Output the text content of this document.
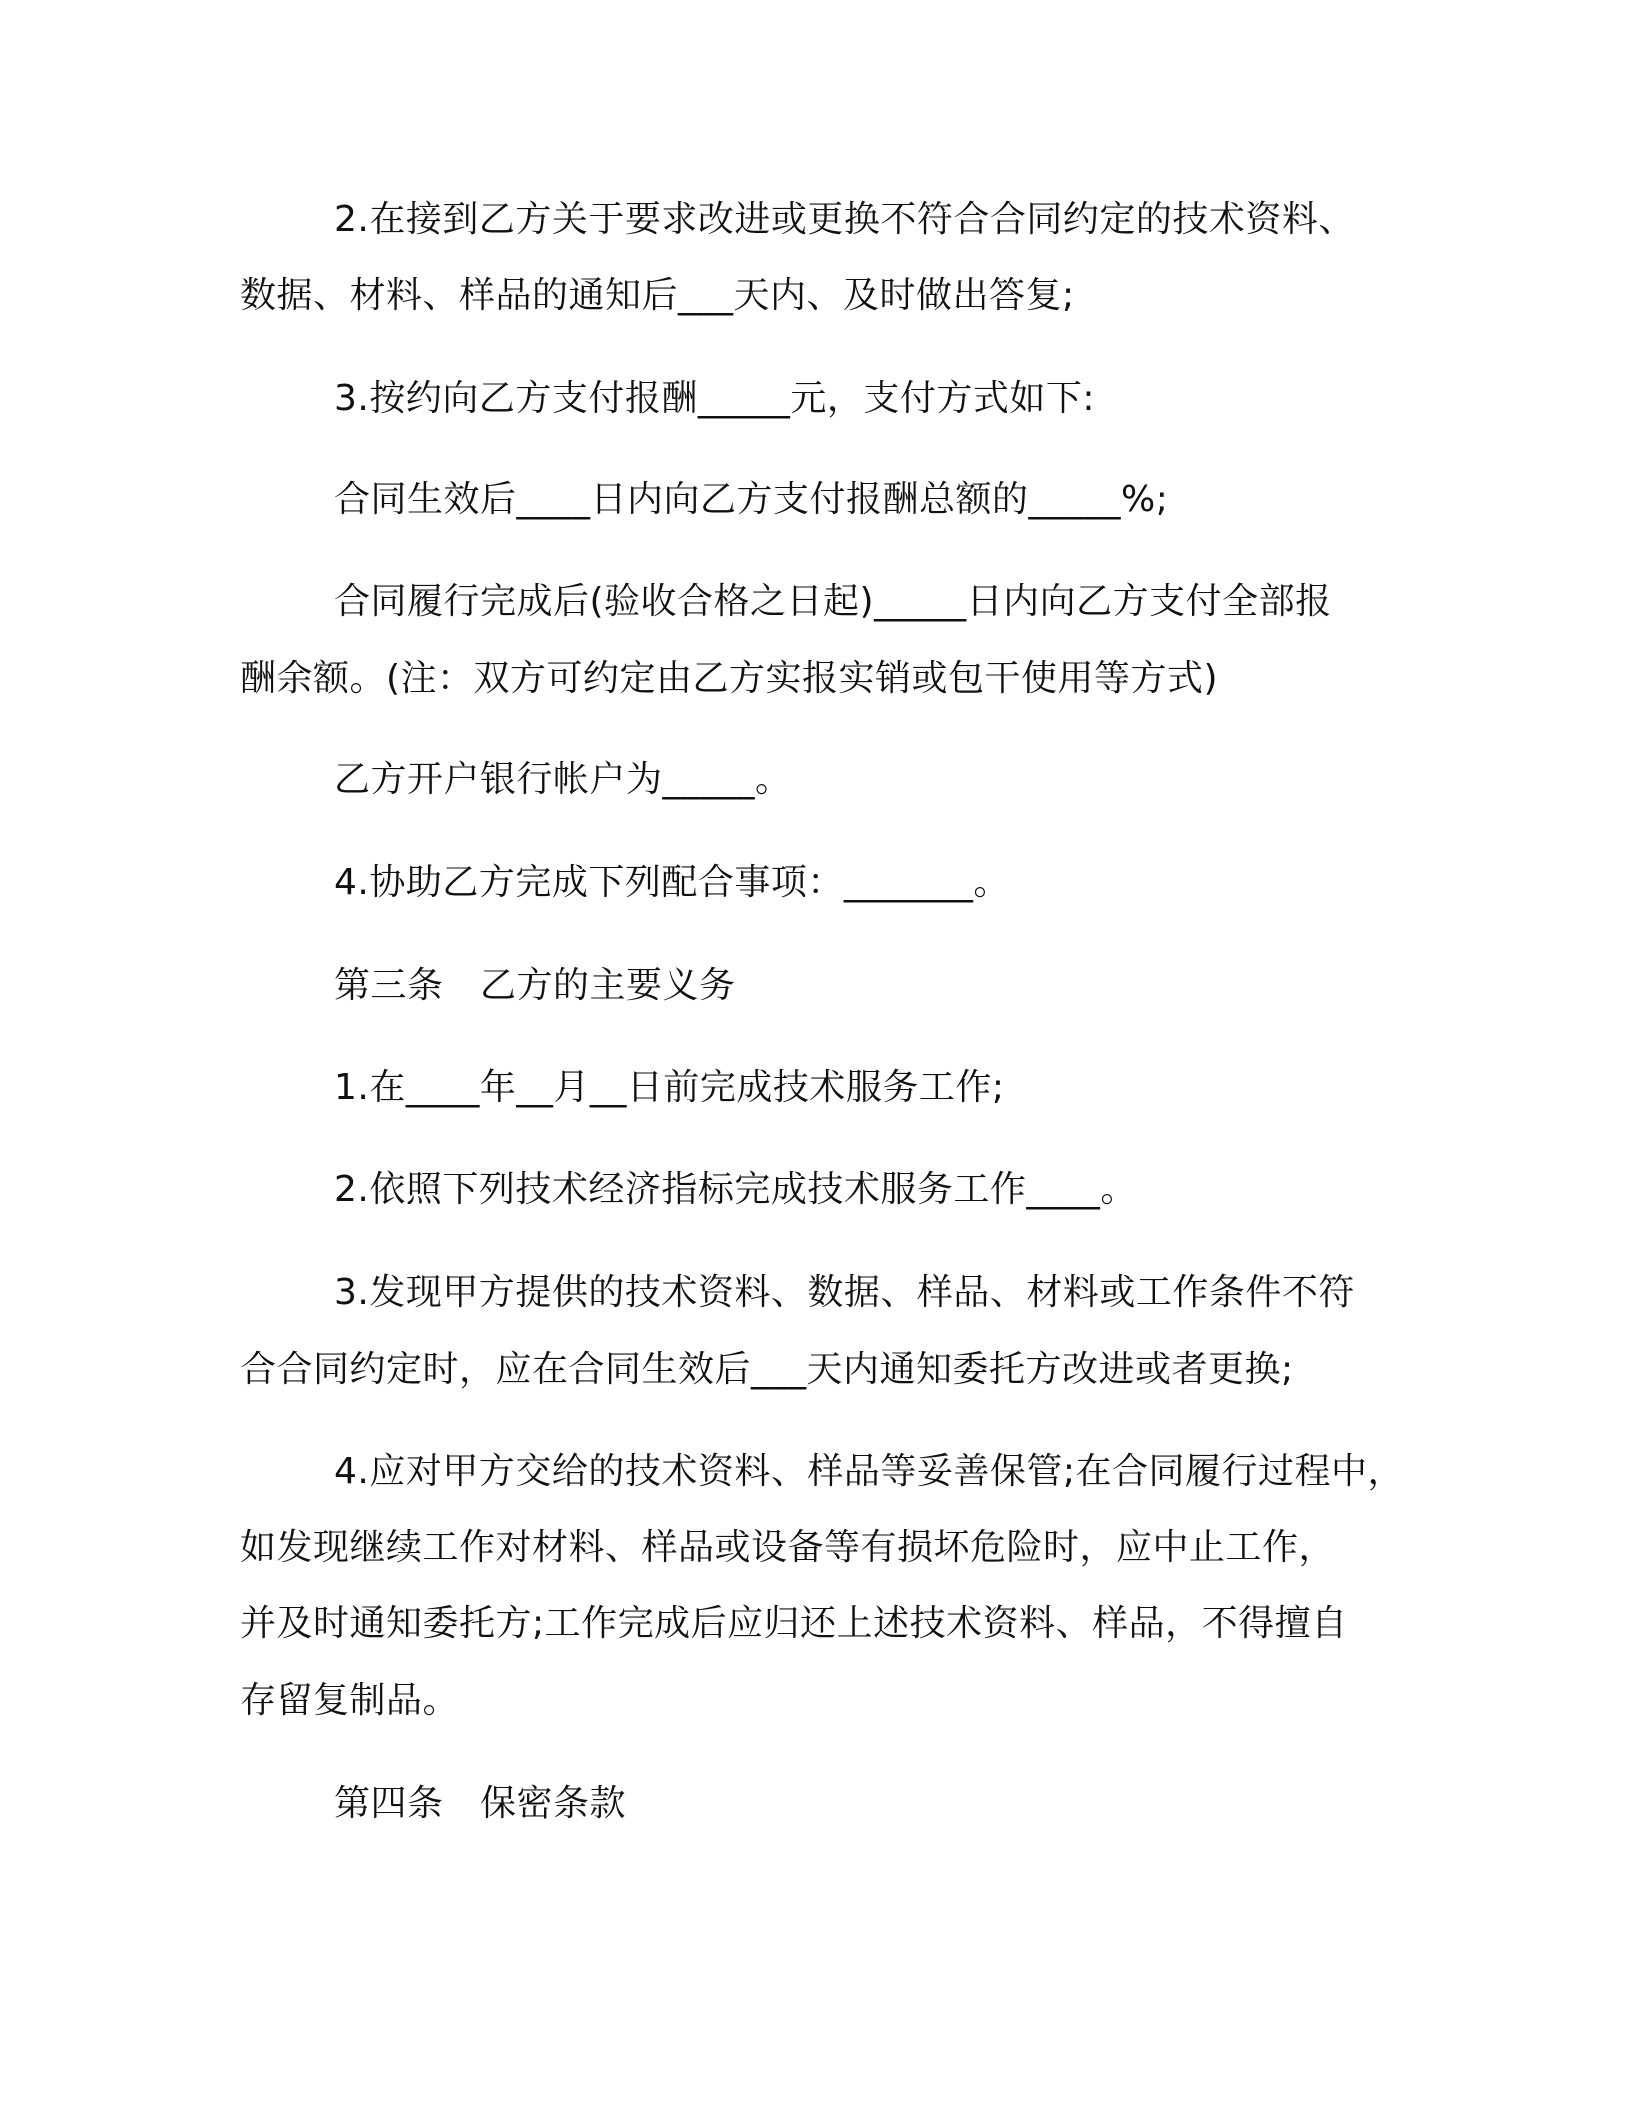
2.在接到乙方关于要求改进或更换不符合合同约定的技术资料、

数据、材料、样品的通知后___天内、及时做出答复;

3.按约向乙方支付报酬_____元，支付方式如下:

合同生效后____日内向乙方支付报酬总额的_____%;

合同履行完成后(验收合格之日起)_____日内向乙方支付全部报

酬余额。(注：双方可约定由乙方实报实销或包干使用等方式)

乙方开户银行帐户为_____。

4.协助乙方完成下列配合事项：_______。

第三条　乙方的主要义务

1.在____年__月__日前完成技术服务工作;

2.依照下列技术经济指标完成技术服务工作____。

3.发现甲方提供的技术资料、数据、样品、材料或工作条件不符

合合同约定时，应在合同生效后___天内通知委托方改进或者更换;

4.应对甲方交给的技术资料、样品等妥善保管;在合同履行过程中，

如发现继续工作对材料、样品或设备等有损坏危险时，应中止工作，

并及时通知委托方;工作完成后应归还上述技术资料、样品，不得擅自

存留复制品。

第四条　保密条款
